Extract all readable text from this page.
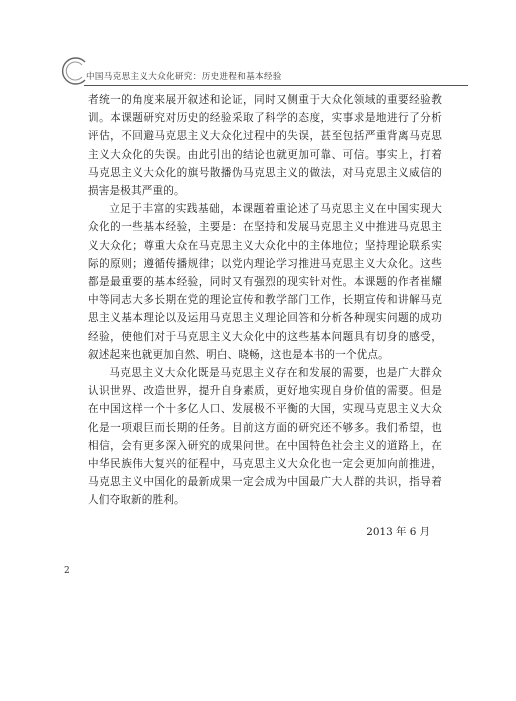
中国马克思主义大众化研究：历史进程和基本经验

者统一的角度来展开叙述和论证，同时又侧重于大众化领域的重要经验教训。本课题研究对历史的经验采取了科学的态度，实事求是地进行了分析评估，不回避马克思主义大众化过程中的失误，甚至包括严重背离马克思主义大众化的失误。由此引出的结论也就更加可靠、可信。事实上，打着马克思主义大众化的旗号散播伪马克思主义的做法，对马克思主义威信的损害是极其严重的。

立足于丰富的实践基础，本课题着重论述了马克思主义在中国实现大众化的一些基本经验，主要是：在坚持和发展马克思主义中推进马克思主义大众化；尊重大众在马克思主义大众化中的主体地位；坚持理论联系实际的原则；遵循传播规律；以党内理论学习推进马克思主义大众化。这些都是最重要的基本经验，同时又有强烈的现实针对性。本课题的作者崔耀中等同志大多长期在党的理论宣传和教学部门工作，长期宣传和讲解马克思主义基本理论以及运用马克思主义理论回答和分析各种现实问题的成功经验，使他们对于马克思主义大众化中的这些基本问题具有切身的感受，叙述起来也就更加自然、明白、晓畅，这也是本书的一个优点。

马克思主义大众化既是马克思主义存在和发展的需要，也是广大群众认识世界、改造世界，提升自身素质，更好地实现自身价值的需要。但是在中国这样一个十多亿人口、发展极不平衡的大国，实现马克思主义大众化是一项艰巨而长期的任务。目前这方面的研究还不够多。我们希望，也相信，会有更多深入研究的成果问世。在中国特色社会主义的道路上，在中华民族伟大复兴的征程中，马克思主义大众化也一定会更加向前推进，马克思主义中国化的最新成果一定会成为中国最广大人群的共识，指导着人们夺取新的胜利。

2013 年 6 月
2
